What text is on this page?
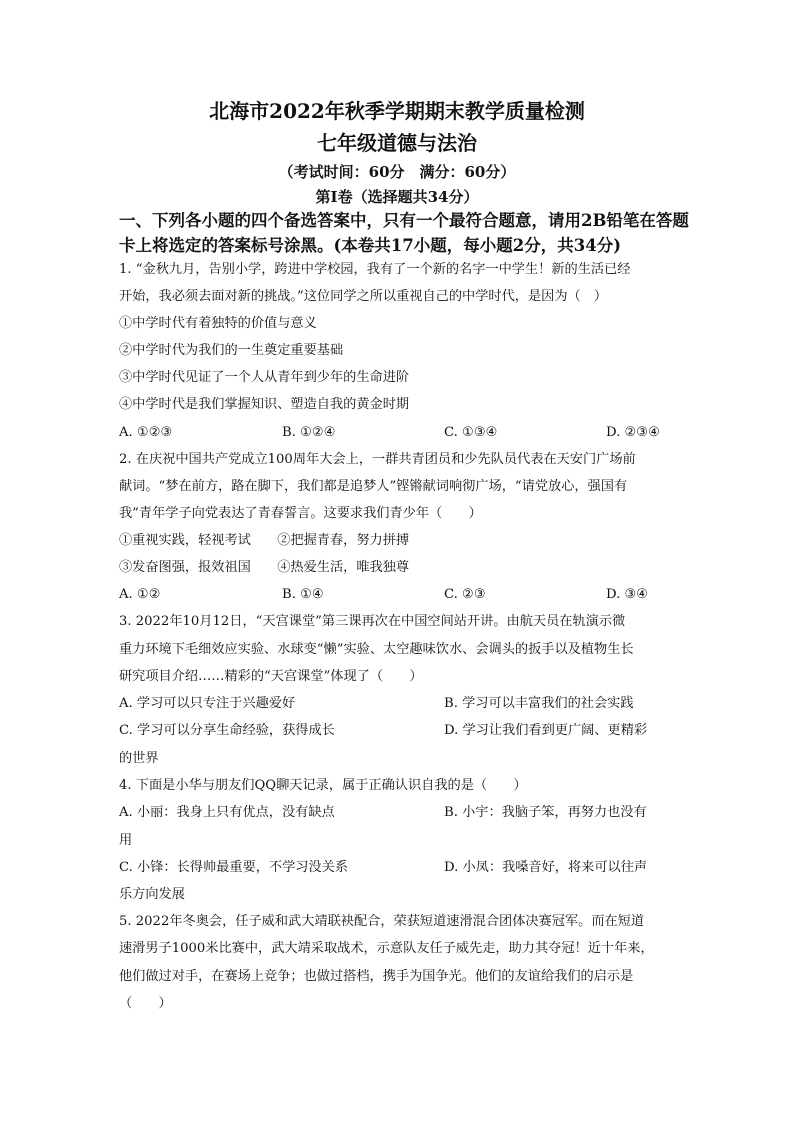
北海市2022年秋季学期期末教学质量检测
七年级道德与法治
（考试时间：60分　满分：60分）
第Ⅰ卷（选择题共34分）
一、下列各小题的四个备选答案中，只有一个最符合题意，请用2B铅笔在答题
卡上将选定的答案标号涂黑。(本卷共17小题，每小题2分，共34分)
1. “金秋九月，告别小学，跨进中学校园，我有了一个新的名字一中学生！新的生活已经
开始，我必须去面对新的挑战。”这位同学之所以重视自己的中学时代，是因为（　）
①中学时代有着独特的价值与意义
②中学时代为我们的一生奠定重要基础
③中学时代见证了一个人从青年到少年的生命进阶
④中学时代是我们掌握知识、塑造自我的黄金时期
A. ①②③	B. ①②④	C. ①③④	D. ②③④
2. 在庆祝中国共产党成立100周年大会上，一群共青团员和少先队员代表在天安门广场前
献词。“梦在前方，路在脚下，我们都是追梦人”铿锵献词响彻广场，“请党放心，强国有
我”青年学子向党表达了青春誓言。这要求我们青少年（　　）
①重视实践，轻视考试　　②把握青春，努力拼搏
③发奋图强，报效祖国　　④热爱生活，唯我独尊
A. ①②	B. ①④	C. ②③	D. ③④
3. 2022年10月12日，“天宫课堂”第三课再次在中国空间站开讲。由航天员在轨演示微
重力环境下毛细效应实验、水球变“懒”实验、太空趣味饮水、会调头的扳手以及植物生长
研究项目介绍……精彩的“天宫课堂”体现了（　　）
A. 学习可以只专注于兴趣爱好	B. 学习可以丰富我们的社会实践
C. 学习可以分享生命经验，获得成长	D. 学习让我们看到更广阔、更精彩
的世界
4. 下面是小华与朋友们QQ聊天记录，属于正确认识自我的是（　　）
A. 小丽：我身上只有优点，没有缺点	B. 小宇：我脑子笨，再努力也没有
用
C. 小锋：长得帅最重要，不学习没关系	D. 小凤：我嗓音好，将来可以往声
乐方向发展
5. 2022年冬奥会，任子威和武大靖联袂配合，荣获短道速滑混合团体决赛冠军。而在短道
速滑男子1000米比赛中，武大靖采取战术，示意队友任子威先走，助力其夺冠！近十年来，
他们做过对手，在赛场上竞争；也做过搭档，携手为国争光。他们的友谊给我们的启示是
（　　）
